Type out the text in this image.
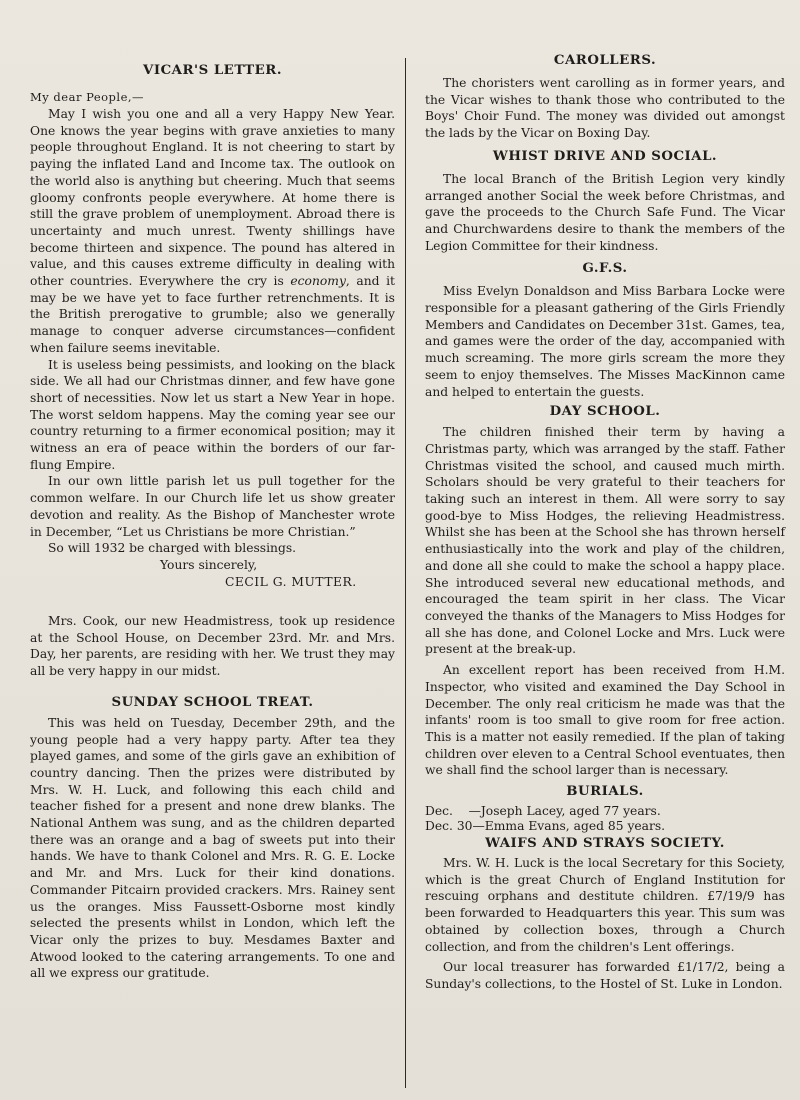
VICAR'S LETTER.
My dear People,—

May I wish you one and all a very Happy New Year. One knows the year begins with grave anxieties to many people throughout England. It is not cheering to start by paying the inflated Land and Income tax. The outlook on the world also is anything but cheering. Much that seems gloomy confronts people everywhere. At home there is still the grave problem of unemployment. Abroad there is uncertainty and much unrest. Twenty shillings have become thirteen and sixpence. The pound has altered in value, and this causes extreme difficulty in dealing with other countries. Everywhere the cry is economy, and it may be we have yet to face further retrenchments. It is the British prerogative to grumble; also we generally manage to conquer adverse circumstances—confident when failure seems inevitable.

It is useless being pessimists, and looking on the black side. We all had our Christmas dinner, and few have gone short of necessities. Now let us start a New Year in hope. The worst seldom happens. May the coming year see our country returning to a firmer economical position; may it witness an era of peace within the borders of our far-flung Empire.

In our own little parish let us pull together for the common welfare. In our Church life let us show greater devotion and reality. As the Bishop of Manchester wrote in December, “Let us Christians be more Christian.”

So will 1932 be charged with blessings.

Yours sincerely,
CECIL G. MUTTER.

Mrs. Cook, our new Headmistress, took up residence at the School House, on December 23rd. Mr. and Mrs. Day, her parents, are residing with her. We trust they may all be very happy in our midst.

SUNDAY SCHOOL TREAT.

This was held on Tuesday, December 29th, and the young people had a very happy party. After tea they played games, and some of the girls gave an exhibition of country dancing. Then the prizes were distributed by Mrs. W. H. Luck, and following this each child and teacher fished for a present and none drew blanks. The National Anthem was sung, and as the children departed there was an orange and a bag of sweets put into their hands. We have to thank Colonel and Mrs. R. G. E. Locke and Mr. and Mrs. Luck for their kind donations. Commander Pitcairn provided crackers. Mrs. Rainey sent us the oranges. Miss Faussett-Osborne most kindly selected the presents whilst in London, which left the Vicar only the prizes to buy. Mesdames Baxter and Atwood looked to the catering arrangements. To one and all we express our gratitude.

CAROLLERS.

The choristers went carolling as in former years, and the Vicar wishes to thank those who contributed to the Boys' Choir Fund. The money was divided out amongst the lads by the Vicar on Boxing Day.

WHIST DRIVE AND SOCIAL.

The local Branch of the British Legion very kindly arranged another Social the week before Christmas, and gave the proceeds to the Church Safe Fund. The Vicar and Churchwardens desire to thank the members of the Legion Committee for their kindness.

G.F.S.

Miss Evelyn Donaldson and Miss Barbara Locke were responsible for a pleasant gathering of the Girls Friendly Members and Candidates on December 31st. Games, tea, and games were the order of the day, accompanied with much screaming. The more girls scream the more they seem to enjoy themselves. The Misses MacKinnon came and helped to entertain the guests.

DAY SCHOOL.

The children finished their term by having a Christmas party, which was arranged by the staff. Father Christmas visited the school, and caused much mirth. Scholars should be very grateful to their teachers for taking such an interest in them. All were sorry to say good-bye to Miss Hodges, the relieving Headmistress. Whilst she has been at the School she has thrown herself enthusiastically into the work and play of the children, and done all she could to make the school a happy place. She introduced several new educational methods, and encouraged the team spirit in her class. The Vicar conveyed the thanks of the Managers to Miss Hodges for all she has done, and Colonel Locke and Mrs. Luck were present at the break-up.

An excellent report has been received from H.M. Inspector, who visited and examined the Day School in December. The only real criticism he made was that the infants' room is too small to give room for free action. This is a matter not easily remedied. If the plan of taking children over eleven to a Central School eventuates, then we shall find the school larger than is necessary.

BURIALS.
Dec.    —Joseph Lacey, aged 77 years.
Dec. 30—Emma Evans, aged 85 years.
WAIFS AND STRAYS SOCIETY.

Mrs. W. H. Luck is the local Secretary for this Society, which is the great Church of England Institution for rescuing orphans and destitute children. £7/19/9 has been forwarded to Headquarters this year. This sum was obtained by collection boxes, through a Church collection, and from the children's Lent offerings.

Our local treasurer has forwarded £1/17/2, being a Sunday's collections, to the Hostel of St. Luke in London.
